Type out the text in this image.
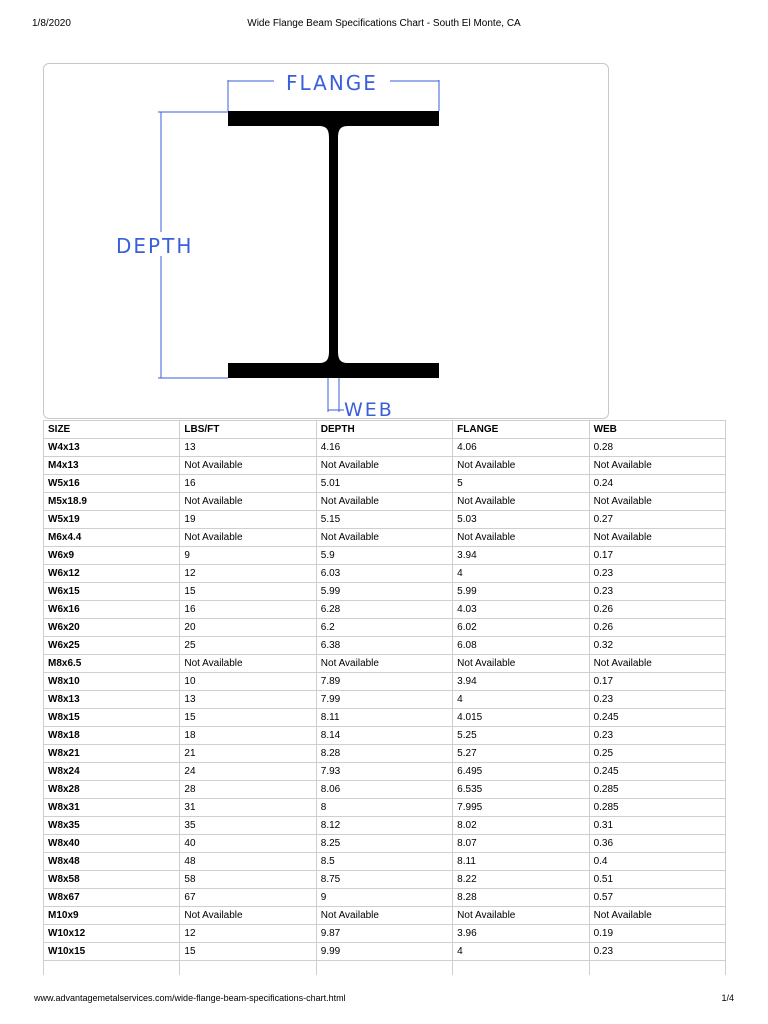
1/8/2020	Wide Flange Beam Specifications Chart - South El Monte, CA
FLANGE
DEPTH
WEB
SIZE	LBS/FT	DEPTH	FLANGE	WEB
W4x13	13	4.16	4.06	0.28
M4x13	Not Available	Not Available	Not Available	Not Available
W5x16	16	5.01	5	0.24
M5x18.9	Not Available	Not Available	Not Available	Not Available
W5x19	19	5.15	5.03	0.27
M6x4.4	Not Available	Not Available	Not Available	Not Available
W6x9	9	5.9	3.94	0.17
W6x12	12	6.03	4	0.23
W6x15	15	5.99	5.99	0.23
W6x16	16	6.28	4.03	0.26
W6x20	20	6.2	6.02	0.26
W6x25	25	6.38	6.08	0.32
M8x6.5	Not Available	Not Available	Not Available	Not Available
W8x10	10	7.89	3.94	0.17
W8x13	13	7.99	4	0.23
W8x15	15	8.11	4.015	0.245
W8x18	18	8.14	5.25	0.23
W8x21	21	8.28	5.27	0.25
W8x24	24	7.93	6.495	0.245
W8x28	28	8.06	6.535	0.285
W8x31	31	8	7.995	0.285
W8x35	35	8.12	8.02	0.31
W8x40	40	8.25	8.07	0.36
W8x48	48	8.5	8.11	0.4
W8x58	58	8.75	8.22	0.51
W8x67	67	9	8.28	0.57
M10x9	Not Available	Not Available	Not Available	Not Available
W10x12	12	9.87	3.96	0.19
W10x15	15	9.99	4	0.23

www.advantagemetalservices.com/wide-flange-beam-specifications-chart.html	1/4
